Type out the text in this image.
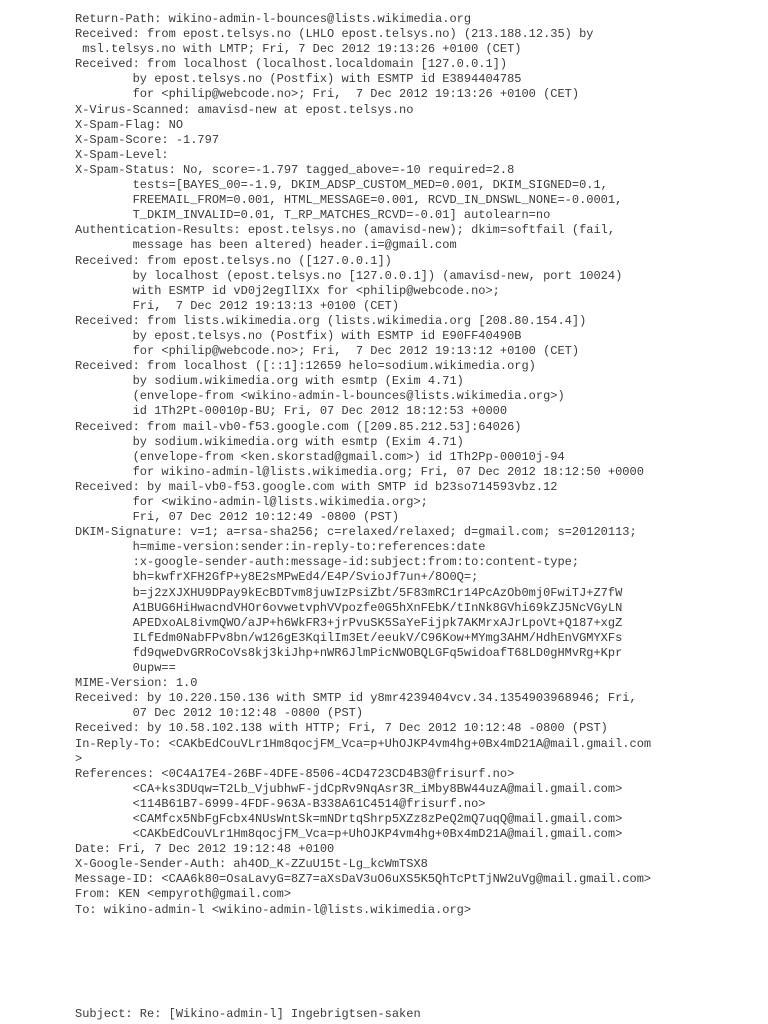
Return-Path: wikino-admin-l-bounces@lists.wikimedia.org
Received: from epost.telsys.no (LHLO epost.telsys.no) (213.188.12.35) by
msl.telsys.no with LMTP; Fri, 7 Dec 2012 19:13:26 +0100 (CET)
Received: from localhost (localhost.localdomain [127.0.0.1])
by epost.telsys.no (Postfix) with ESMTP id E3894404785
for <philip@webcode.no>; Fri,  7 Dec 2012 19:13:26 +0100 (CET)
X-Virus-Scanned: amavisd-new at epost.telsys.no
X-Spam-Flag: NO
X-Spam-Score: -1.797
X-Spam-Level:
X-Spam-Status: No, score=-1.797 tagged_above=-10 required=2.8
tests=[BAYES_00=-1.9, DKIM_ADSP_CUSTOM_MED=0.001, DKIM_SIGNED=0.1,
FREEMAIL_FROM=0.001, HTML_MESSAGE=0.001, RCVD_IN_DNSWL_NONE=-0.0001,
T_DKIM_INVALID=0.01, T_RP_MATCHES_RCVD=-0.01] autolearn=no
Authentication-Results: epost.telsys.no (amavisd-new); dkim=softfail (fail,
message has been altered) header.i=@gmail.com
Received: from epost.telsys.no ([127.0.0.1])
by localhost (epost.telsys.no [127.0.0.1]) (amavisd-new, port 10024)
with ESMTP id vD0j2egIlIXx for <philip@webcode.no>;
Fri,  7 Dec 2012 19:13:13 +0100 (CET)
Received: from lists.wikimedia.org (lists.wikimedia.org [208.80.154.4])
by epost.telsys.no (Postfix) with ESMTP id E90FF40490B
for <philip@webcode.no>; Fri,  7 Dec 2012 19:13:12 +0100 (CET)
Received: from localhost ([::1]:12659 helo=sodium.wikimedia.org)
by sodium.wikimedia.org with esmtp (Exim 4.71)
(envelope-from <wikino-admin-l-bounces@lists.wikimedia.org>)
id 1Th2Pt-00010p-BU; Fri, 07 Dec 2012 18:12:53 +0000
Received: from mail-vb0-f53.google.com ([209.85.212.53]:64026)
by sodium.wikimedia.org with esmtp (Exim 4.71)
(envelope-from <ken.skorstad@gmail.com>) id 1Th2Pp-00010j-94
for wikino-admin-l@lists.wikimedia.org; Fri, 07 Dec 2012 18:12:50 +0000
Received: by mail-vb0-f53.google.com with SMTP id b23so714593vbz.12
for <wikino-admin-l@lists.wikimedia.org>;
Fri, 07 Dec 2012 10:12:49 -0800 (PST)
DKIM-Signature: v=1; a=rsa-sha256; c=relaxed/relaxed; d=gmail.com; s=20120113;
h=mime-version:sender:in-reply-to:references:date
:x-google-sender-auth:message-id:subject:from:to:content-type;
bh=kwfrXFH2GfP+y8E2sMPwEd4/E4P/SvioJf7un+/8O0Q=;
b=j2zXJXHU9DPay9kEcBDTvm8juwIzPsiZbt/5F83mRC1r14PcAzOb0mj0FwiTJ+Z7fW
A1BUG6HiHwacndVHOr6ovwetvphVVpozfe0G5hXnFEbK/tInNk8GVhi69kZJ5NcVGyLN
APEDxoAL8ivmQWO/aJP+h6WkFR3+jrPvuSK5SaYeFijpk7AKMrxAJrLpoVt+Q187+xgZ
ILfEdm0NabFPv8bn/w126gE3KqilIm3Et/eeukV/C96Kow+MYmg3AHM/HdhEnVGMYXFs
fd9qweDvGRRoCoVs8kj3kiJhp+nWR6JlmPicNWOBQLGFq5widoafT68LD0gHMvRg+Kpr
0upw==
MIME-Version: 1.0
Received: by 10.220.150.136 with SMTP id y8mr4239404vcv.34.1354903968946; Fri,
07 Dec 2012 10:12:48 -0800 (PST)
Received: by 10.58.102.138 with HTTP; Fri, 7 Dec 2012 10:12:48 -0800 (PST)
In-Reply-To: <CAKbEdCouVLr1Hm8qocjFM_Vca=p+UhOJKP4vm4hg+0Bx4mD21A@mail.gmail.com
>
References: <0C4A17E4-26BF-4DFE-8506-4CD4723CD4B3@frisurf.no>
<CA+ks3DUqw=T2Lb_VjubhwF-jdCpRv9NqAsr3R_iMby8BW44uzA@mail.gmail.com>
<114B61B7-6999-4FDF-963A-B338A61C4514@frisurf.no>
<CAMfcx5NbFgFcbx4NUsWntSk=mNDrtqShrp5XZz8zPeQ2mQ7uqQ@mail.gmail.com>
<CAKbEdCouVLr1Hm8qocjFM_Vca=p+UhOJKP4vm4hg+0Bx4mD21A@mail.gmail.com>
Date: Fri, 7 Dec 2012 19:12:48 +0100
X-Google-Sender-Auth: ah4OD_K-ZZuU15t-Lg_kcWmTSX8
Message-ID: <CAA6k80=OsaLavyG=8Z7=aXsDaV3uO6uXS5K5QhTcPtTjNW2uVg@mail.gmail.com>
From: KEN <empyroth@gmail.com>
To: wikino-admin-l <wikino-admin-l@lists.wikimedia.org>
Subject: Re: [Wikino-admin-l] Ingebrigtsen-saken
